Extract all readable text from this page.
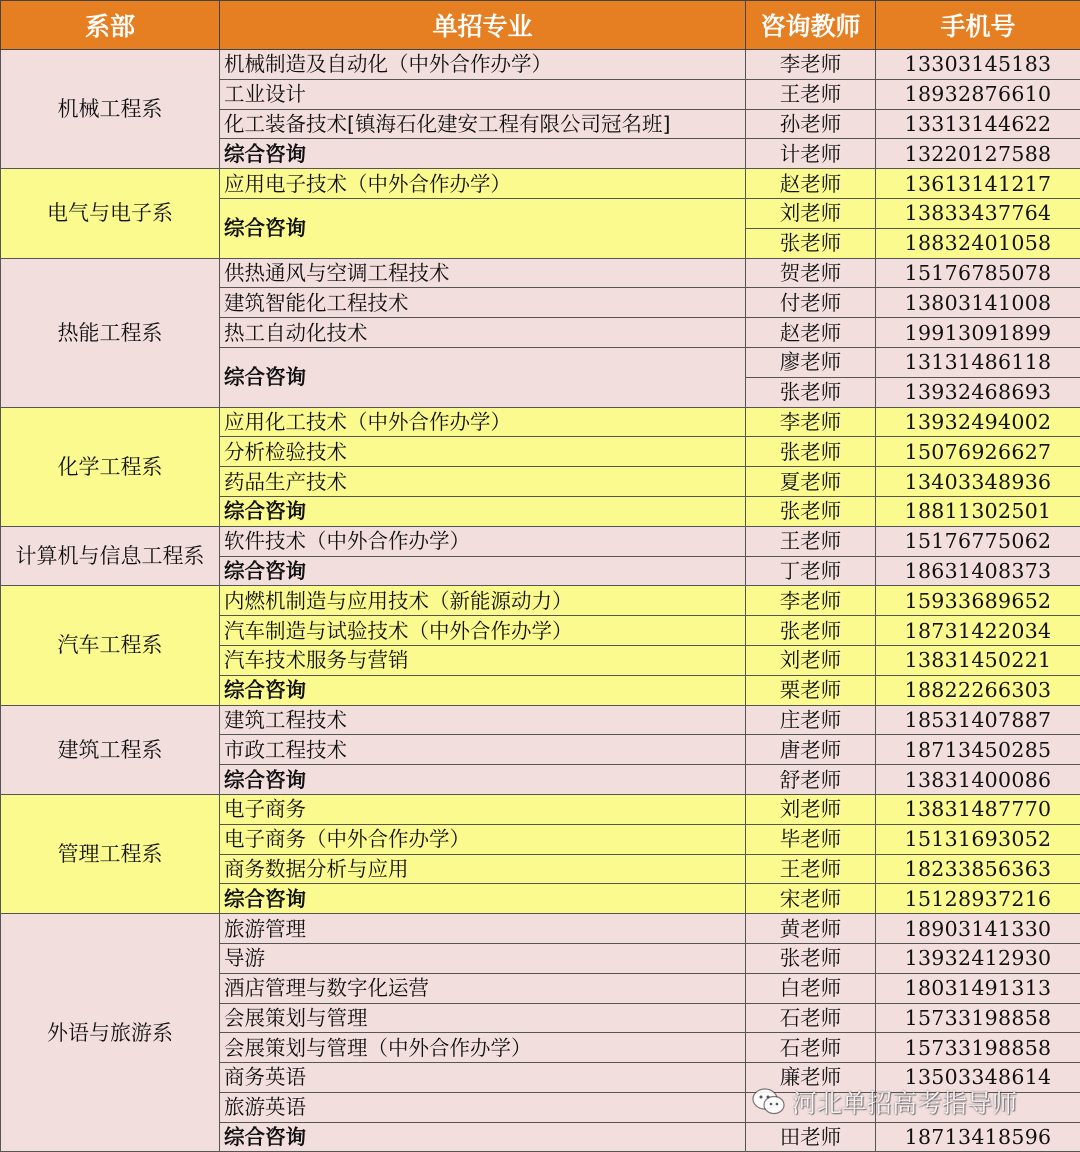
系部	单招专业	咨询教师	手机号
机械工程系	机械制造及自动化（中外合作办学）	李老师	13303145183
	工业设计	王老师	18932876610
	化工装备技术[镇海石化建安工程有限公司冠名班]	孙老师	13313144622
	综合咨询	计老师	13220127588
电气与电子系	应用电子技术（中外合作办学）	赵老师	13613141217
	综合咨询	刘老师	13833437764
		张老师	18832401058
热能工程系	供热通风与空调工程技术	贺老师	15176785078
	建筑智能化工程技术	付老师	13803141008
	热工自动化技术	赵老师	19913091899
	综合咨询	廖老师	13131486118
		张老师	13932468693
化学工程系	应用化工技术（中外合作办学）	李老师	13932494002
	分析检验技术	张老师	15076926627
	药品生产技术	夏老师	13403348936
	综合咨询	张老师	18811302501
计算机与信息工程系	软件技术（中外合作办学）	王老师	15176775062
	综合咨询	丁老师	18631408373
汽车工程系	内燃机制造与应用技术（新能源动力）	李老师	15933689652
	汽车制造与试验技术（中外合作办学）	张老师	18731422034
	汽车技术服务与营销	刘老师	13831450221
	综合咨询	栗老师	18822266303
建筑工程系	建筑工程技术	庄老师	18531407887
	市政工程技术	唐老师	18713450285
	综合咨询	舒老师	13831400086
管理工程系	电子商务	刘老师	13831487770
	电子商务（中外合作办学）	毕老师	15131693052
	商务数据分析与应用	王老师	18233856363
	综合咨询	宋老师	15128937216
外语与旅游系	旅游管理	黄老师	18903141330
	导游	张老师	13932412930
	酒店管理与数字化运营	白老师	18031491313
	会展策划与管理	石老师	15733198858
	会展策划与管理（中外合作办学）	石老师	15733198858
	商务英语	廉老师	13503348614
	旅游英语		
	综合咨询	田老师	18713418596
河北单招高考指导师
